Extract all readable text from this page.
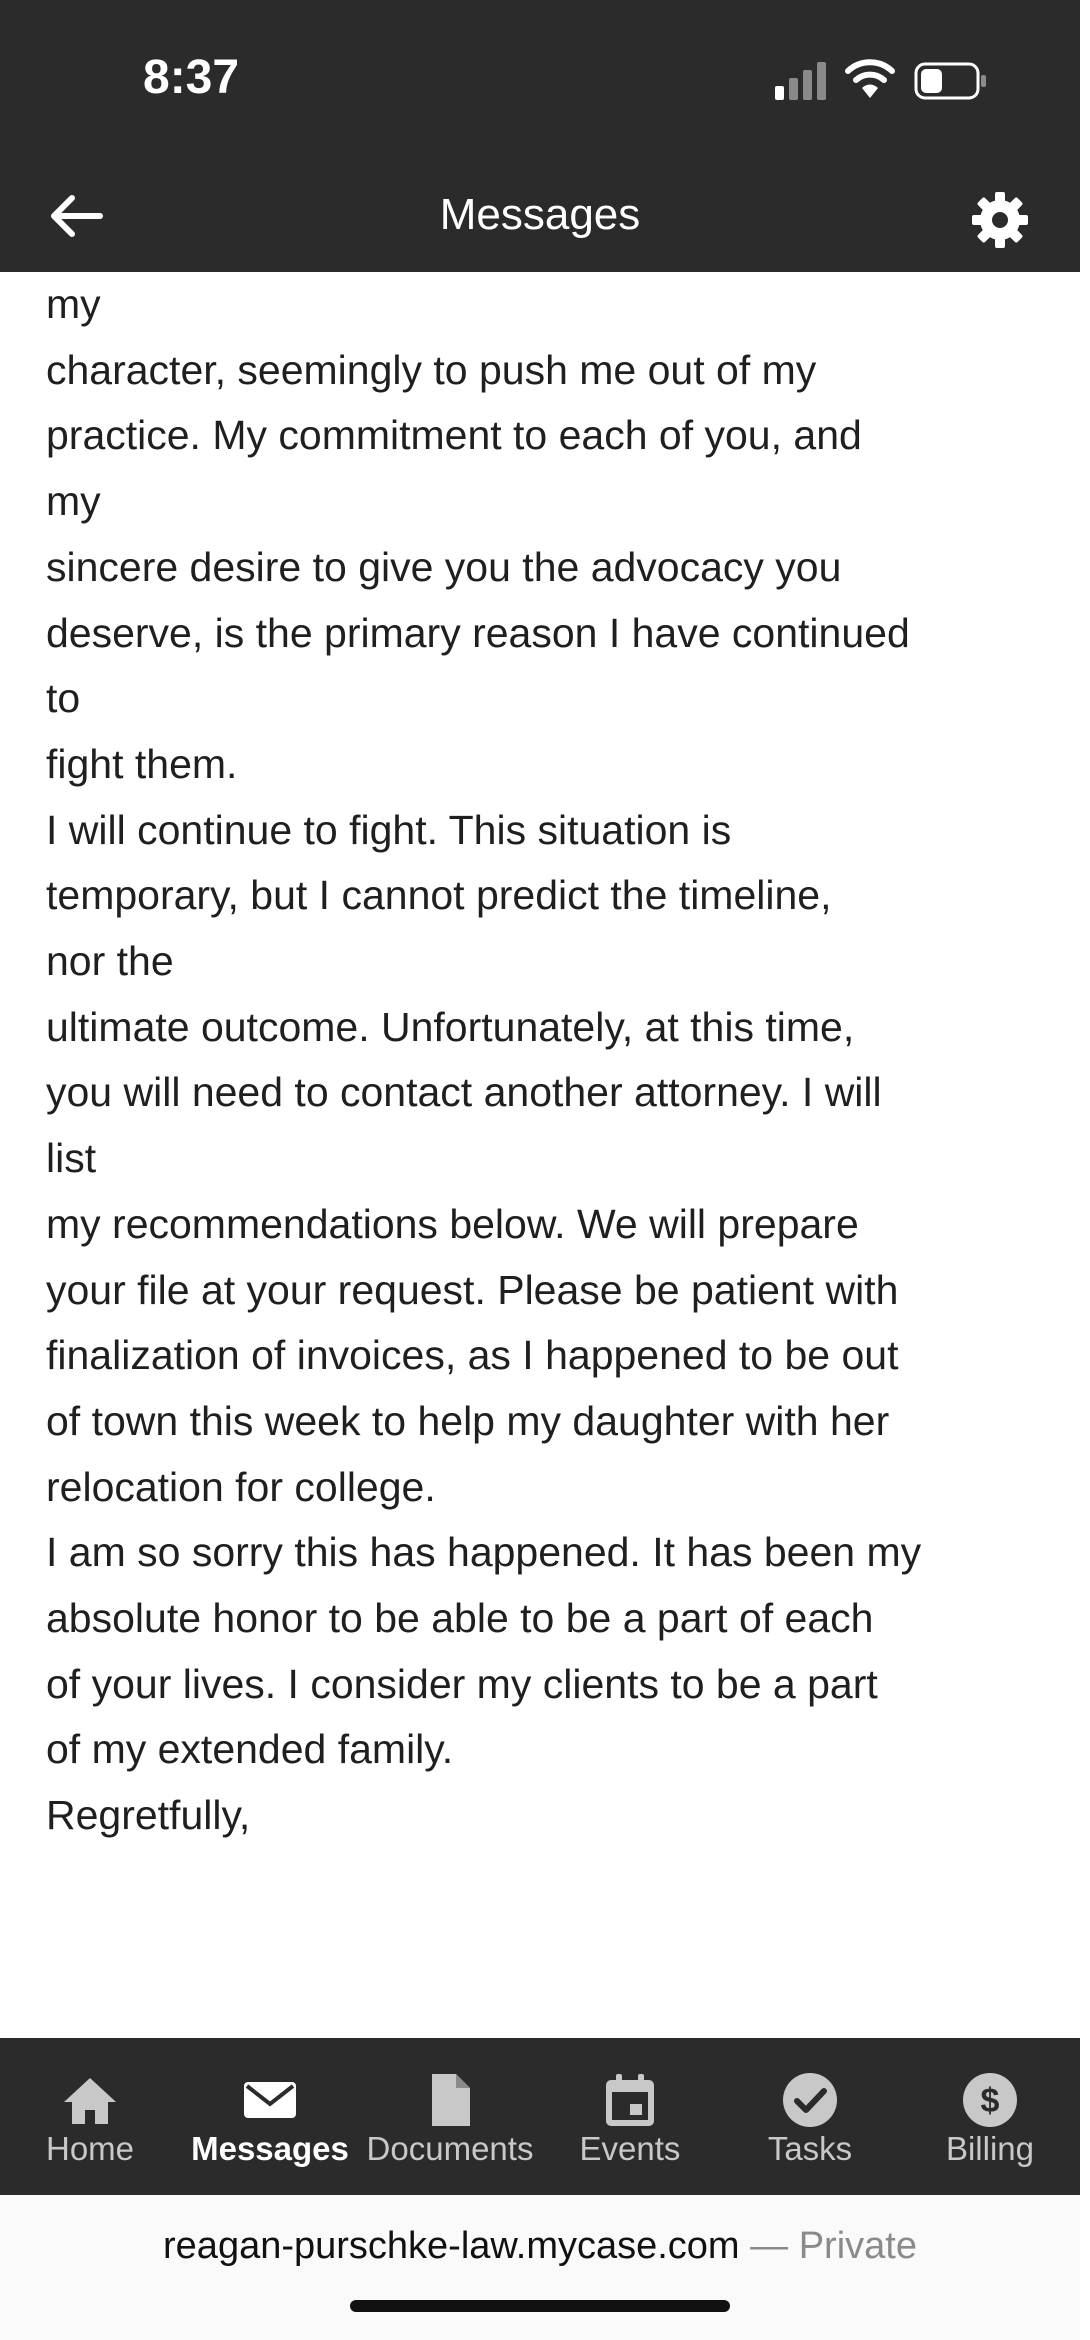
8:37
Messages
my
character, seemingly to push me out of my
practice. My commitment to each of you, and
my
sincere desire to give you the advocacy you
deserve, is the primary reason I have continued
to
fight them.
I will continue to fight. This situation is
temporary, but I cannot predict the timeline,
nor the
ultimate outcome. Unfortunately, at this time,
you will need to contact another attorney. I will
list
my recommendations below. We will prepare
your file at your request. Please be patient with
finalization of invoices, as I happened to be out
of town this week to help my daughter with her
relocation for college.
I am so sorry this has happened. It has been my
absolute honor to be able to be a part of each
of your lives. I consider my clients to be a part
of my extended family.
Regretfully,
Home	Messages Documents	Events	Tasks
$
Billing
reagan-purschke-law.mycase.com — Private
